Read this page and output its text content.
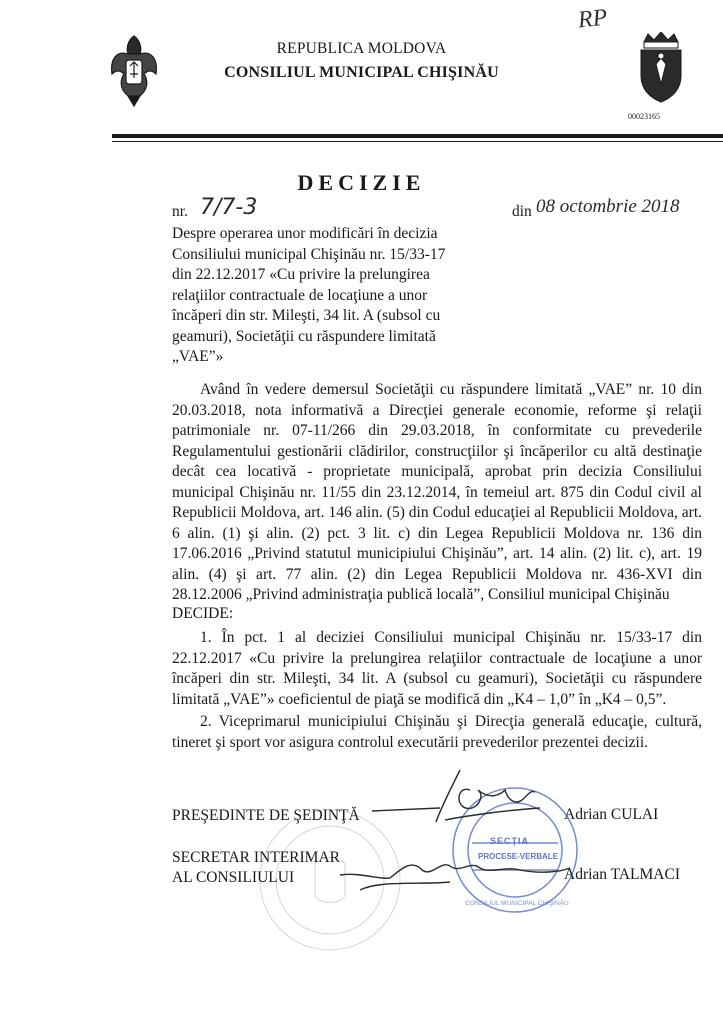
RP
REPUBLICA MOLDOVA
CONSILIUL MUNICIPAL CHIŞINĂU
00023165
DECIZIE
nr. 7/7-3	din 08 octombrie 2018
Despre operarea unor modificări în decizia
Consiliului municipal Chişinău nr. 15/33-17
din 22.12.2017 «Cu privire la prelungirea
relaţiilor contractuale de locaţiune a unor
încăperi din str. Mileşti, 34 lit. A (subsol cu
geamuri), Societăţii cu răspundere limitată
„VAE”»
Având în vedere demersul Societăţii cu răspundere limitată „VAE” nr. 10 din 20.03.2018, nota informativă a Direcţiei generale economie, reforme şi relaţii patrimoniale nr. 07-11/266 din 29.03.2018, în conformitate cu prevederile Regulamentului gestionării clădirilor, construcţiilor şi încăperilor cu altă destinaţie decât cea locativă - proprietate municipală, aprobat prin decizia Consiliului municipal Chişinău nr. 11/55 din 23.12.2014, în temeiul art. 875 din Codul civil al Republicii Moldova, art. 146 alin. (5) din Codul educaţiei al Republicii Moldova, art. 6 alin. (1) şi alin. (2) pct. 3 lit. c) din Legea Republicii Moldova nr. 136 din 17.06.2016 „Privind statutul municipiului Chişinău”, art. 14 alin. (2) lit. c), art. 19 alin. (4) şi art. 77 alin. (2) din Legea Republicii Moldova nr. 436-XVI din 28.12.2006 „Privind administraţia publică locală”, Consiliul municipal Chişinău
DECIDE:
1. În pct. 1 al deciziei Consiliului municipal Chişinău nr. 15/33-17 din 22.12.2017 «Cu privire la prelungirea relaţiilor contractuale de locaţiune a unor încăperi din str. Mileşti, 34 lit. A (subsol cu geamuri), Societăţii cu răspundere limitată „VAE”» coeficientul de piaţă se modifică din „K4 – 1,0” în „K4 – 0,5”.
2. Viceprimarul municipiului Chişinău şi Direcţia generală educaţie, cultură, tineret şi sport vor asigura controlul executării prevederilor prezentei decizii.
SECŢIA
PROCESE-VERBALE
CONSILIUL MUNICIPAL CHIŞINĂU
PREŞEDINTE DE ŞEDINŢĂ	Adrian CULAI
SECRETAR INTERIMAR
AL CONSILIULUI	Adrian TALMACI
